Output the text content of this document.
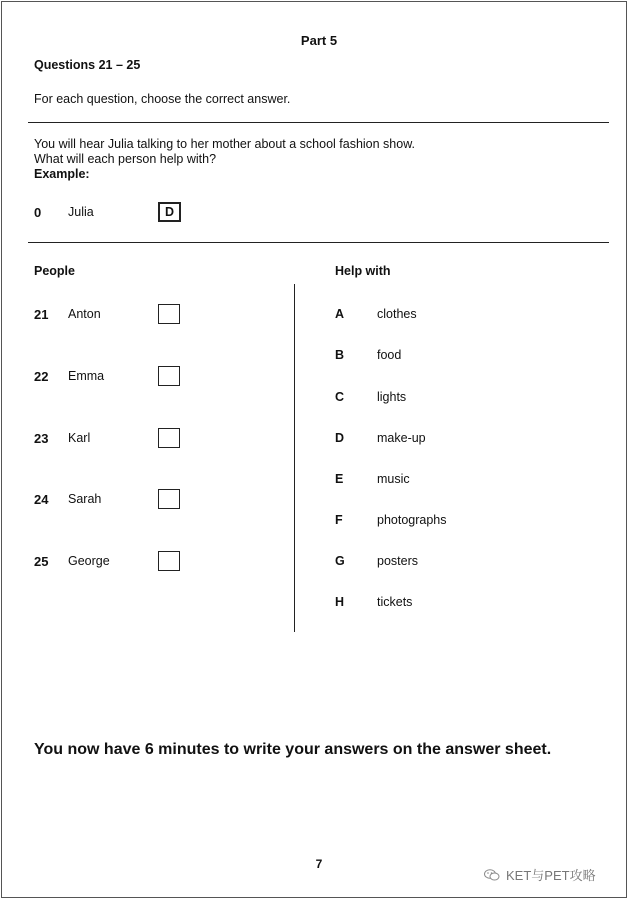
Part 5
Questions 21 – 25
For each question, choose the correct answer.
You will hear Julia talking to her mother about a school fashion show.
What will each person help with?
Example:
0 Julia	D
People	Help with
21 Anton
22 Emma
23 Karl
24 Sarah
25 George
A	clothes
B	food
C	lights
D	make-up
E	music
F	photographs
G	posters
H	tickets
You now have 6 minutes to write your answers on the answer sheet.
7
KET与PET攻略
